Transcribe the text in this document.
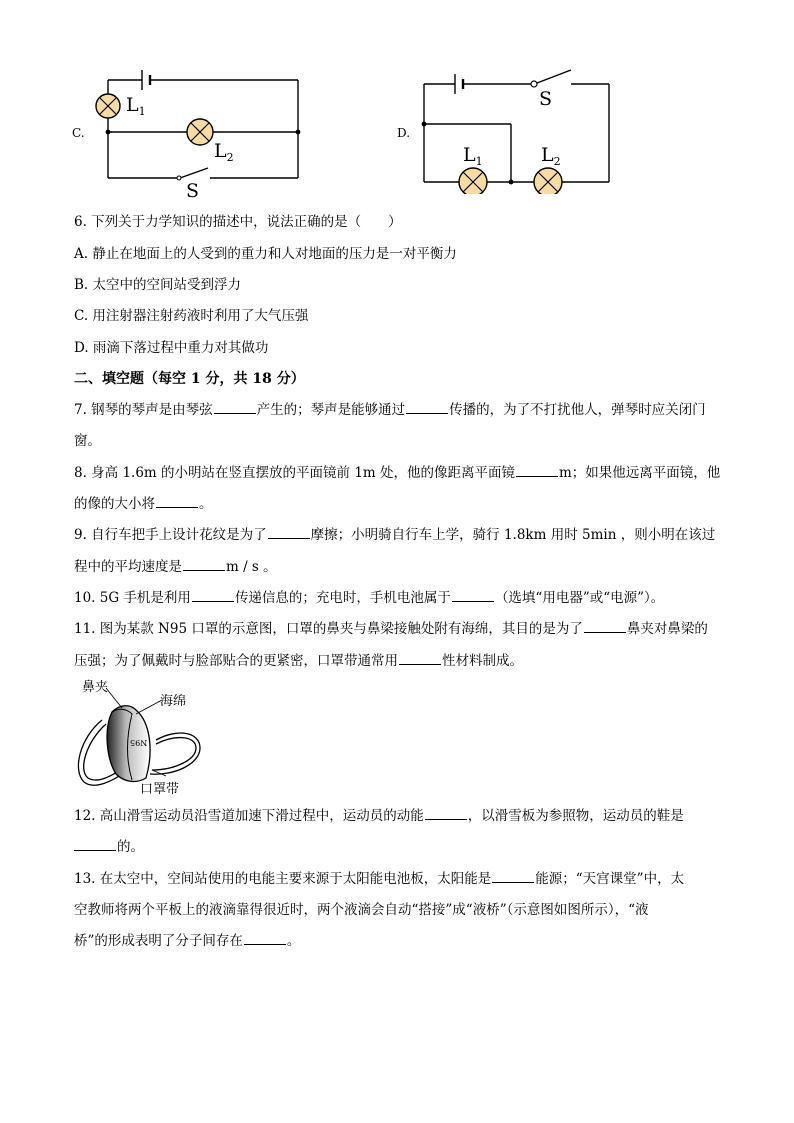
C.
$L_1$
$L_2$
S
D.
S
$L_1$	$L_2$
6. 下列关于力学知识的描述中，说法正确的是（　　）
A. 静止在地面上的人受到的重力和人对地面的压力是一对平衡力
B. 太空中的空间站受到浮力
C. 用注射器注射药液时利用了大气压强
D. 雨滴下落过程中重力对其做功
二、填空题（每空 1 分，共 18 分）
7. 钢琴的琴声是由琴弦	产生的；琴声是能够通过	传播的，为了不打扰他人，弹琴时应关闭门
窗。
8. 身高 1.6m 的小明站在竖直摆放的平面镜前 1m 处，他的像距离平面镜	m；如果他远离平面镜，他
的像的大小将	。
9. 自行车把手上设计花纹是为了	摩擦；小明骑自行车上学，骑行 1.8km 用时 5min ，则小明在该过
程中的平均速度是	m / s 。
10. 5G 手机是利用	传递信息的；充电时，手机电池属于	（选填“用电器”或“电源”）。
11. 图为某款 N95 口罩的示意图，口罩的鼻夹与鼻梁接触处附有海绵，其目的是为了	鼻夹对鼻梁的
压强；为了佩戴时与脸部贴合的更紧密，口罩带通常用	性材料制成。
N95
鼻夹
海绵
口罩带
12. 高山滑雪运动员沿雪道加速下滑过程中，运动员的动能	，以滑雪板为参照物，运动员的鞋是
的。
13. 在太空中，空间站使用的电能主要来源于太阳能电池板，太阳能是	能源；“天宫课堂”中，太
空教师将两个平板上的液滴靠得很近时，两个液滴会自动“搭接”成“液桥”（示意图如图所示），“液
桥”的形成表明了分子间存在	。
